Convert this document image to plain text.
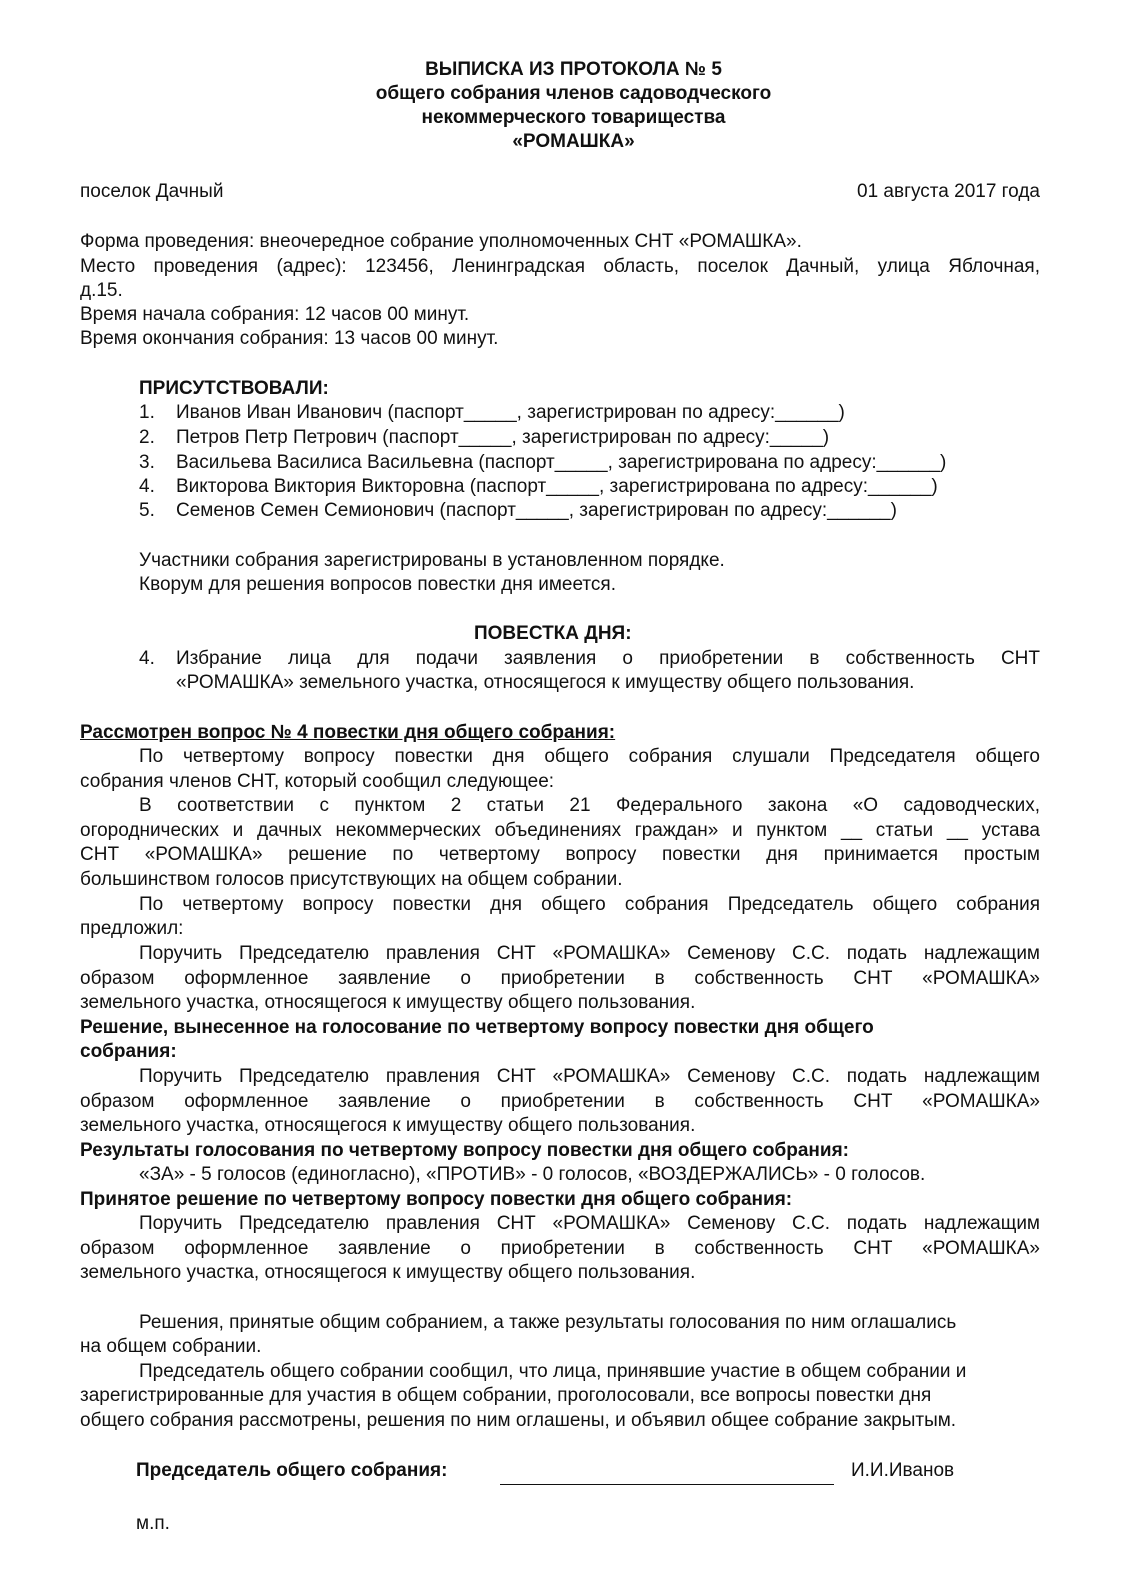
ВЫПИСКА ИЗ ПРОТОКОЛА № 5
общего собрания членов садоводческого
некоммерческого товарищества
«РОМАШКА»
поселок Дачный	01 августа 2017 года
Форма проведения: внеочередное собрание уполномоченных СНТ «РОМАШКА».
Место проведения (адрес): 123456, Ленинградская область, поселок Дачный, улица Яблочная,
д.15.
Время начала собрания: 12 часов 00 минут.
Время окончания собрания: 13 часов 00 минут.
ПРИСУТСТВОВАЛИ:
1. Иванов Иван Иванович (паспорт_____, зарегистрирован по адресу:______)
2. Петров Петр Петрович (паспорт_____, зарегистрирован по адресу:_____)
3. Васильева Василиса Васильевна (паспорт_____, зарегистрирована по адресу:______)
4. Викторова Виктория Викторовна (паспорт_____, зарегистрирована по адресу:______)
5. Семенов Семен Семионович (паспорт_____, зарегистрирован по адресу:______)
Участники собрания зарегистрированы в установленном порядке.
Кворум для решения вопросов повестки дня имеется.
ПОВЕСТКА ДНЯ:
4. Избрание лица для подачи заявления о приобретении в собственность СНТ
«РОМАШКА» земельного участка, относящегося к имуществу общего пользования.
Рассмотрен вопрос № 4 повестки дня общего собрания:
По четвертому вопросу повестки дня общего собрания слушали Председателя общего
собрания членов СНТ, который сообщил следующее:
В соответствии с пунктом 2 статьи 21 Федерального закона «О садоводческих,
огороднических и дачных некоммерческих объединениях граждан» и пунктом __ статьи __ устава
СНТ «РОМАШКА» решение по четвертому вопросу повестки дня принимается простым
большинством голосов присутствующих на общем собрании.
По четвертому вопросу повестки дня общего собрания Председатель общего собрания
предложил:
Поручить Председателю правления СНТ «РОМАШКА» Семенову С.С. подать надлежащим
образом оформленное заявление о приобретении в собственность СНТ «РОМАШКА»
земельного участка, относящегося к имуществу общего пользования.
Решение, вынесенное на голосование по четвертому вопросу повестки дня общего
собрания:
Поручить Председателю правления СНТ «РОМАШКА» Семенову С.С. подать надлежащим
образом оформленное заявление о приобретении в собственность СНТ «РОМАШКА»
земельного участка, относящегося к имуществу общего пользования.
Результаты голосования по четвертому вопросу повестки дня общего собрания:
«ЗА» - 5 голосов (единогласно), «ПРОТИВ» - 0 голосов, «ВОЗДЕРЖАЛИСЬ» - 0 голосов.
Принятое решение по четвертому вопросу повестки дня общего собрания:
Поручить Председателю правления СНТ «РОМАШКА» Семенову С.С. подать надлежащим
образом оформленное заявление о приобретении в собственность СНТ «РОМАШКА»
земельного участка, относящегося к имуществу общего пользования.
Решения, принятые общим собранием, а также результаты голосования по ним оглашались
на общем собрании.
Председатель общего собрании сообщил, что лица, принявшие участие в общем собрании и
зарегистрированные для участия в общем собрании, проголосовали, все вопросы повестки дня
общего собрания рассмотрены, решения по ним оглашены, и объявил общее собрание закрытым.
Председатель общего собрания:	И.И.Иванов
м.п.
